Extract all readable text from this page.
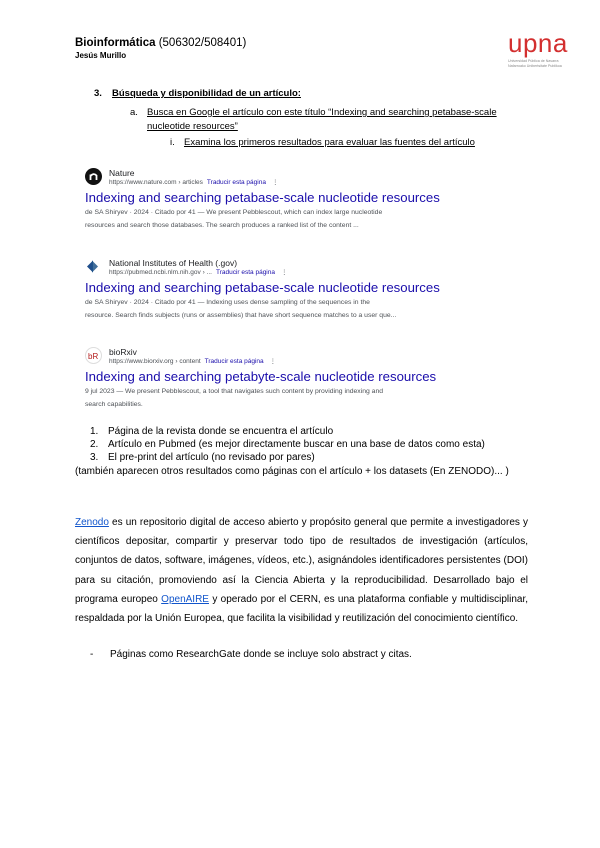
Bioinformática (506302/508401)
Jesús Murillo	upna
Universidad Pública de Navarra Nafarroako Unibertsitate Publikoa
3. Búsqueda y disponibilidad de un artículo:
a. Busca en Google el artículo con este título “Indexing and searching petabase-scale nucleotide resources”
i. Examina los primeros resultados para evaluar las fuentes del artículo
Nature
https://www.nature.com › articles Traducir esta página ⋮
Indexing and searching petabase-scale nucleotide resources
de SA Shiryev · 2024 · Citado por 41 — We present Pebblescout, which can index large nucleotide
resources and search those databases. The search produces a ranked list of the content ...
National Institutes of Health (.gov)
https://pubmed.ncbi.nlm.nih.gov › ... Traducir esta página ⋮
Indexing and searching petabase-scale nucleotide resources
de SA Shiryev · 2024 · Citado por 41 — Indexing uses dense sampling of the sequences in the
resource. Search finds subjects (runs or assemblies) that have short sequence matches to a user que...
bR bioRxiv
https://www.biorxiv.org › content Traducir esta página ⋮
Indexing and searching petabyte-scale nucleotide resources
9 jul 2023 — We present Pebblescout, a tool that navigates such content by providing indexing and
search capabilities.
1. Página de la revista donde se encuentra el artículo
2. Artículo en Pubmed (es mejor directamente buscar en una base de datos como esta)
3. El pre-print del artículo (no revisado por pares)
(también aparecen otros resultados como páginas con el artículo + los datasets (En ZENODO)... )
Zenodo es un repositorio digital de acceso abierto y propósito general que permite a investigadores y científicos depositar, compartir y preservar todo tipo de resultados de investigación (artículos, conjuntos de datos, software, imágenes, vídeos, etc.), asignándoles identificadores persistentes (DOI) para su citación, promoviendo así la Ciencia Abierta y la reproducibilidad. Desarrollado bajo el programa europeo OpenAIRE y operado por el CERN, es una plataforma confiable y multidisciplinar, respaldada por la Unión Europea, que facilita la visibilidad y reutilización del conocimiento científico.
- Páginas como ResearchGate donde se incluye solo abstract y citas.
